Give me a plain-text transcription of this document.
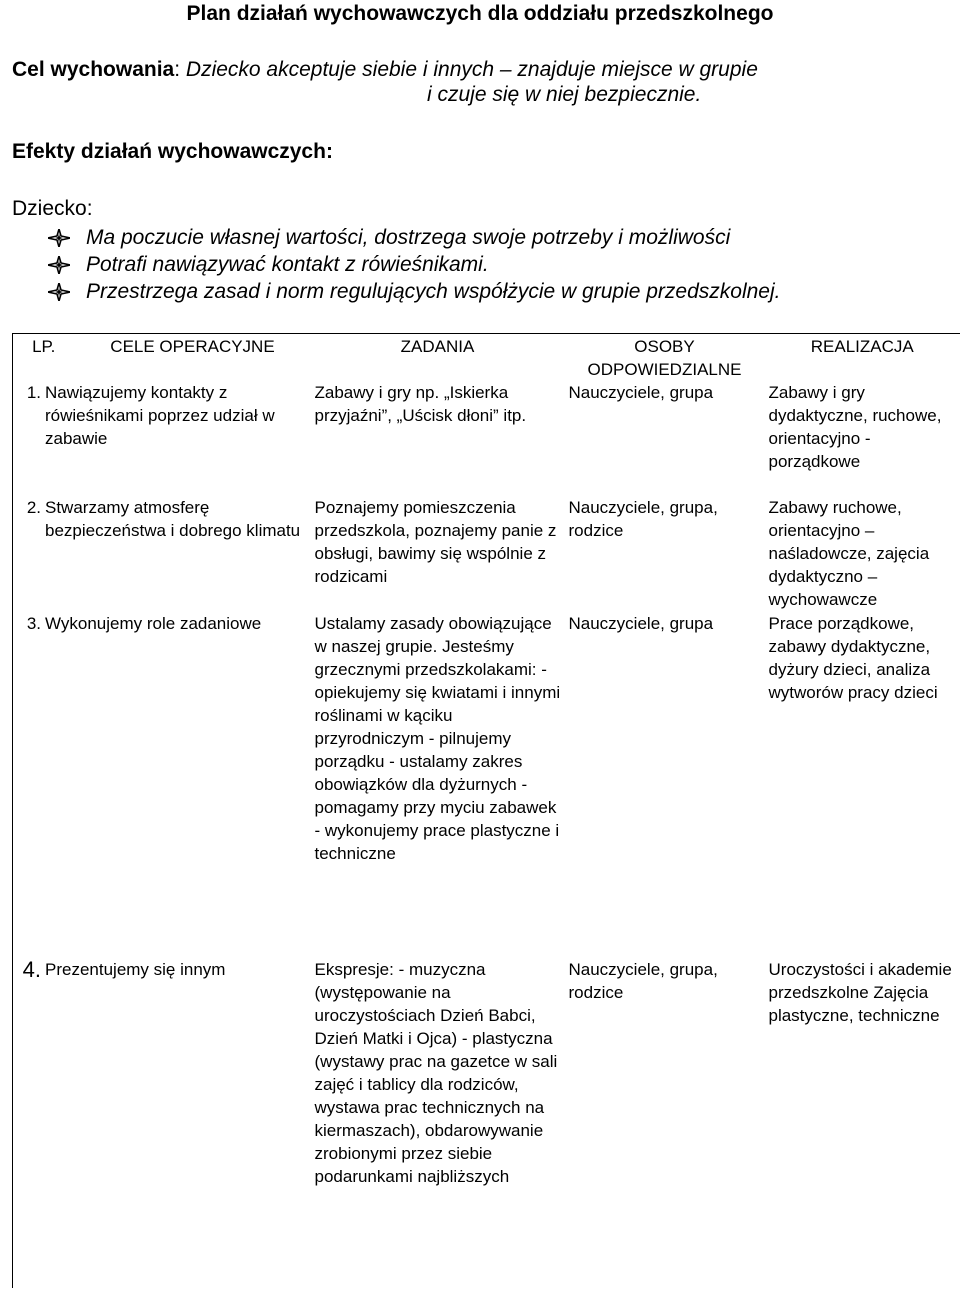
Plan działań wychowawczych dla oddziału przedszkolnego
Cel wychowania: Dziecko akceptuje siebie i innych – znajduje miejsce w grupie
i czuje się w niej bezpiecznie.
Efekty działań wychowawczych:
Dziecko:
Ma poczucie własnej wartości, dostrzega swoje potrzeby i możliwości
Potrafi nawiązywać kontakt z rówieśnikami.
Przestrzega zasad i norm regulujących współżycie w grupie przedszkolnej.
LP.	CELE OPERACYJNE	ZADANIA	OSOBY ODPOWIEDZIALNE	REALIZACJA

1. Nawiązujemy kontakty z rówieśnikami poprzez udział w zabawie		Zabawy i gry np. „Iskierka przyjaźni”, „Uścisk dłoni” itp.	Nauczyciele, grupa	Zabawy i gry dydaktyczne, ruchowe, orientacyjno - porządkowe

2. Stwarzamy atmosferę bezpieczeństwa i dobrego klimatu		Poznajemy pomieszczenia przedszkola, poznajemy panie z obsługi, bawimy się wspólnie z rodzicami	Nauczyciele, grupa, rodzice	Zabawy ruchowe, orientacyjno – naśladowcze, zajęcia dydaktyczno –wychowawcze

3. Wykonujemy role zadaniowe		Ustalamy zasady obowiązujące w naszej grupie. Jesteśmy grzecznymi przedszkolakami: - opiekujemy się kwiatami i innymi roślinami w kąciku przyrodniczym - pilnujemy porządku - ustalamy zakres obowiązków dla dyżurnych - pomagamy przy myciu zabawek - wykonujemy prace plastyczne i techniczne	Nauczyciele, grupa	Prace porządkowe, zabawy dydaktyczne, dyżury dzieci, analiza wytworów pracy dzieci

4. Prezentujemy się innym		Ekspresje: - muzyczna (występowanie na uroczystościach Dzień Babci, Dzień Matki i Ojca) - plastyczna (wystawy prac na gazetce w sali zajęć i tablicy dla rodziców, wystawa prac technicznych na kiermaszach), obdarowywanie zrobionymi przez siebie podarunkami najbliższych	Nauczyciele, grupa, rodzice	Uroczystości i akademie przedszkolne Zajęcia plastyczne, techniczne
